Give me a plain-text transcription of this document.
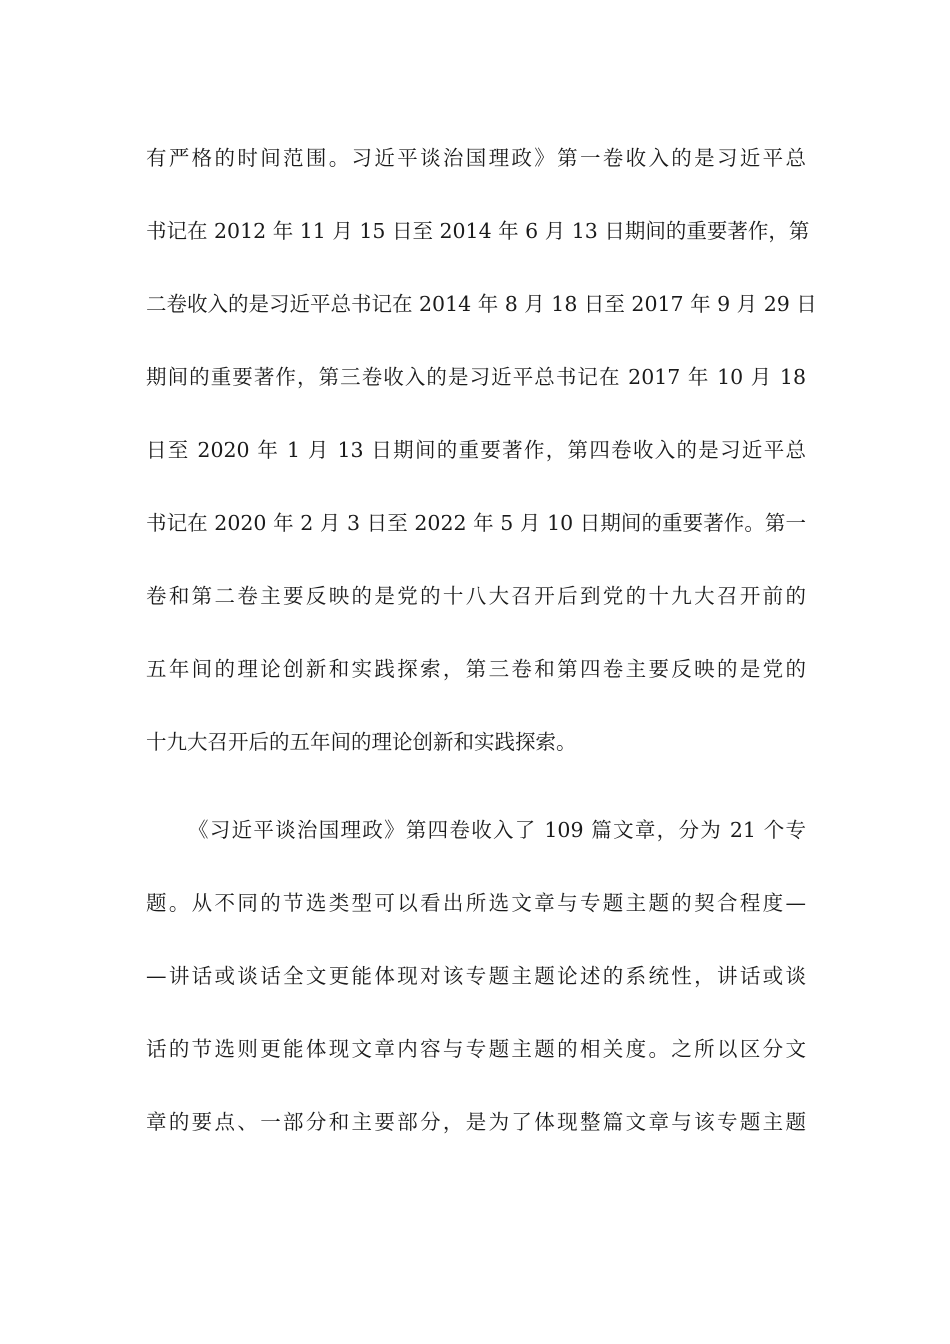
有严格的时间范围。习近平谈治国理政》第一卷收入的是习近平总
书记在 2012 年 11 月 15 日至 2014 年 6 月 13 日期间的重要著作，第
二卷收入的是习近平总书记在 2014 年 8 月 18 日至 2017 年 9 月 29 日
期间的重要著作，第三卷收入的是习近平总书记在 2017 年 10 月 18
日至 2020 年 1 月 13 日期间的重要著作，第四卷收入的是习近平总
书记在 2020 年 2 月 3 日至 2022 年 5 月 10 日期间的重要著作。第一
卷和第二卷主要反映的是党的十八大召开后到党的十九大召开前的
五年间的理论创新和实践探索，第三卷和第四卷主要反映的是党的
十九大召开后的五年间的理论创新和实践探索。
《习近平谈治国理政》第四卷收入了 109 篇文章，分为 21 个专
题。从不同的节选类型可以看出所选文章与专题主题的契合程度—
—讲话或谈话全文更能体现对该专题主题论述的系统性，讲话或谈
话的节选则更能体现文章内容与专题主题的相关度。之所以区分文
章的要点、一部分和主要部分，是为了体现整篇文章与该专题主题
